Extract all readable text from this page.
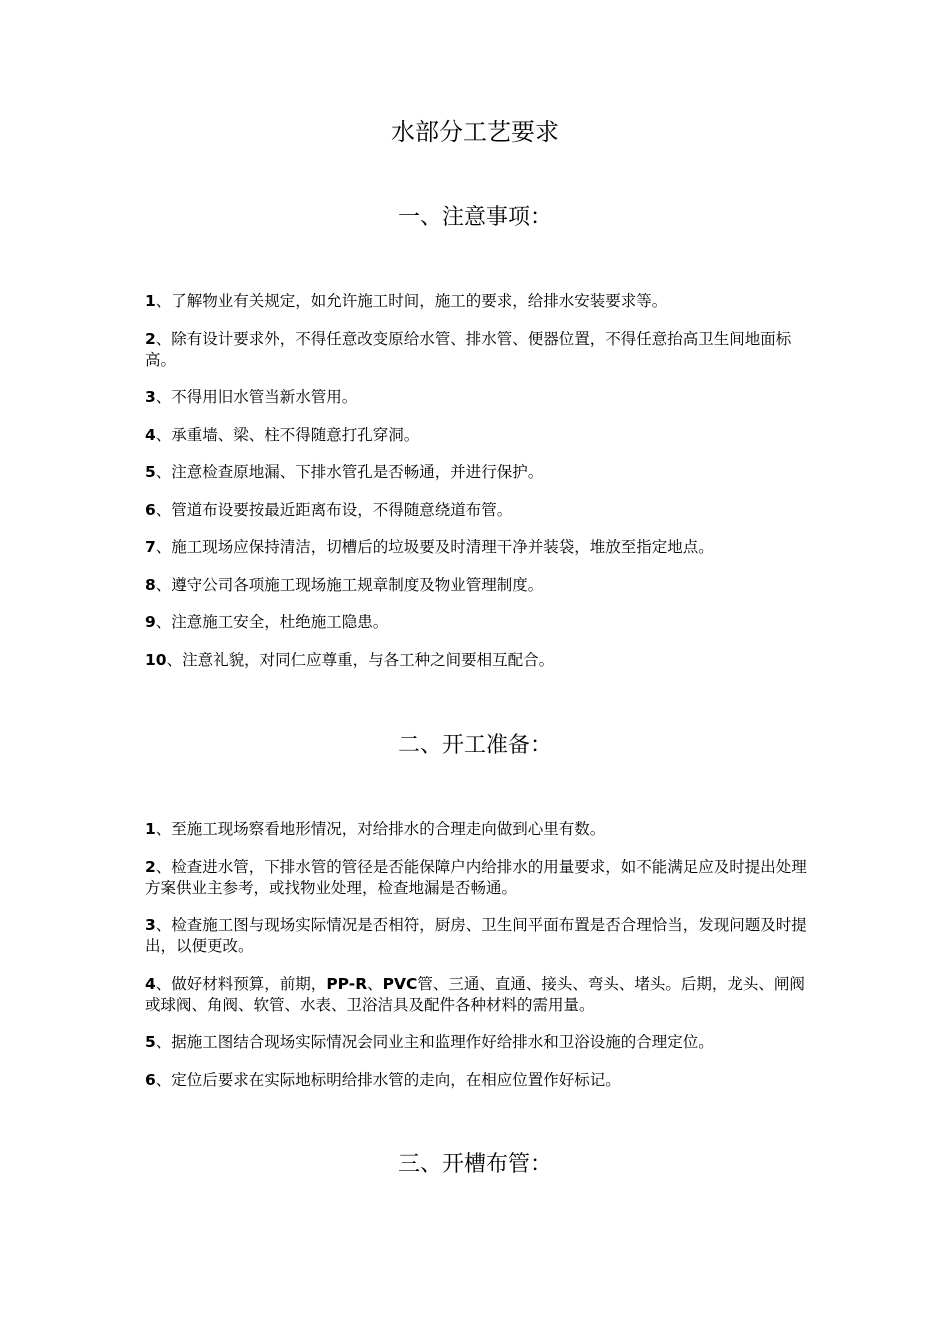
水部分工艺要求
一、注意事项：
1、了解物业有关规定，如允许施工时间，施工的要求，给排水安装要求等。
2、除有设计要求外，不得任意改变原给水管、排水管、便器位置，不得任意抬高卫生间地面标高。
3、不得用旧水管当新水管用。
4、承重墙、梁、柱不得随意打孔穿洞。
5、注意检查原地漏、下排水管孔是否畅通，并进行保护。
6、管道布设要按最近距离布设，不得随意绕道布管。
7、施工现场应保持清洁，切槽后的垃圾要及时清理干净并装袋，堆放至指定地点。
8、遵守公司各项施工现场施工规章制度及物业管理制度。
9、注意施工安全，杜绝施工隐患。
10、注意礼貌，对同仁应尊重，与各工种之间要相互配合。
二、开工准备：
1、至施工现场察看地形情况，对给排水的合理走向做到心里有数。
2、检查进水管，下排水管的管径是否能保障户内给排水的用量要求，如不能满足应及时提出处理方案供业主参考，或找物业处理，检查地漏是否畅通。
3、检查施工图与现场实际情况是否相符，厨房、卫生间平面布置是否合理恰当，发现问题及时提出，以便更改。
4、做好材料预算，前期，PP-R、PVC管、三通、直通、接头、弯头、堵头。后期，龙头、闸阀或球阀、角阀、软管、水表、卫浴洁具及配件各种材料的需用量。
5、据施工图结合现场实际情况会同业主和监理作好给排水和卫浴设施的合理定位。
6、定位后要求在实际地标明给排水管的走向，在相应位置作好标记。
三、开槽布管：
